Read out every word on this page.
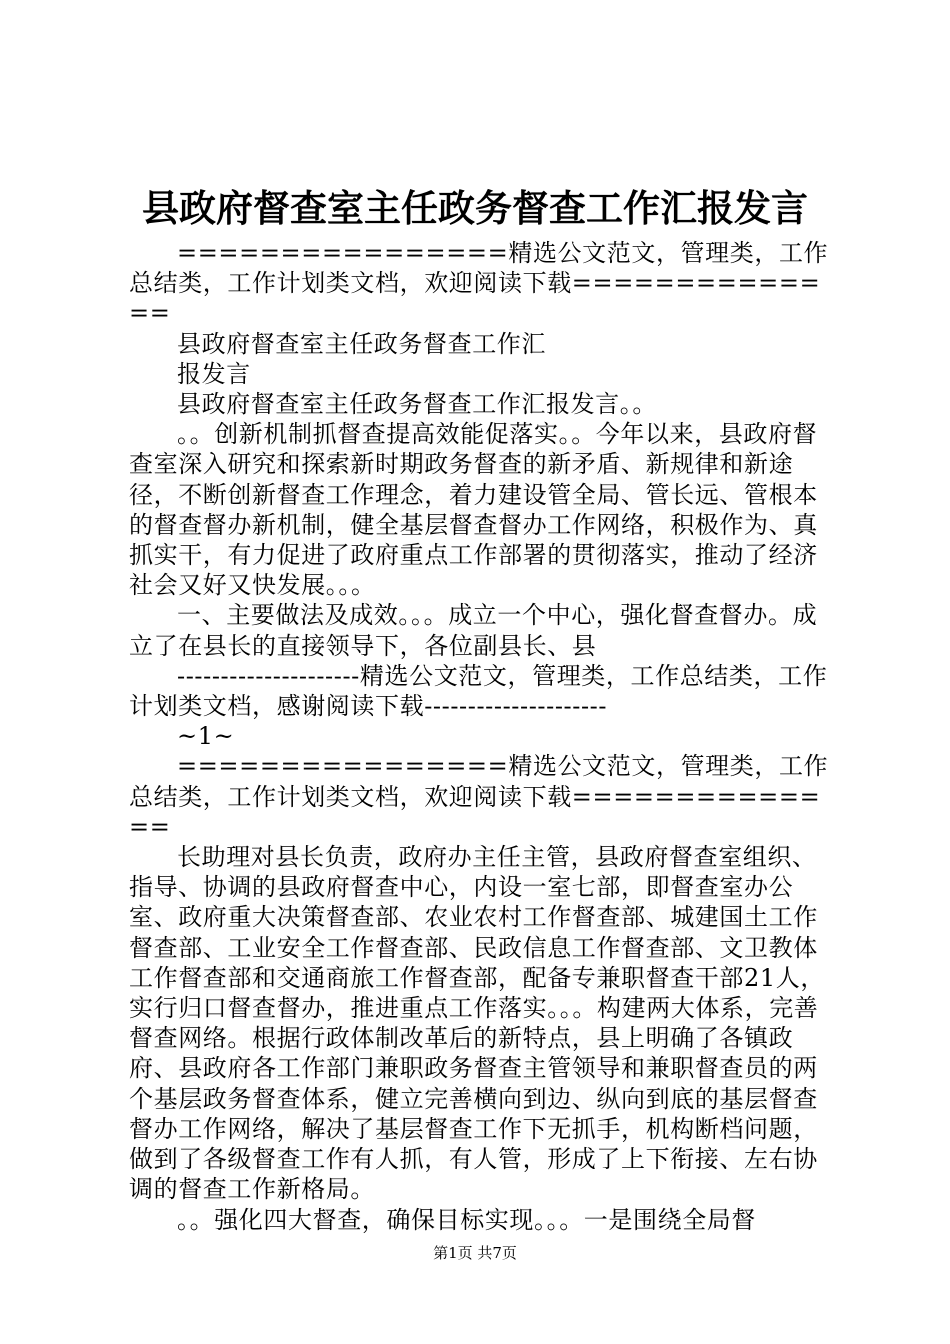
县政府督查室主任政务督查工作汇报发言

================精选公文范文，管理类，工作总结类，工作计划类文档，欢迎阅读下载==============

县政府督查室主任政务督查工作汇

报发言

县政府督查室主任政务督查工作汇报发言。。

。。创新机制抓督查提高效能促落实。。今年以来，县政府督查室深入研究和探索新时期政务督查的新矛盾、新规律和新途径，不断创新督查工作理念，着力建设管全局、管长远、管根本的督查督办新机制，健全基层督查督办工作网络，积极作为、真抓实干，有力促进了政府重点工作部署的贯彻落实，推动了经济社会又好又快发展。。。

一、主要做法及成效。。。成立一个中心，强化督查督办。成立了在县长的直接领导下，各位副县长、县

---------------------精选公文范文，管理类，工作总结类，工作计划类文档，感谢阅读下载---------------------

~1~

================精选公文范文，管理类，工作总结类，工作计划类文档，欢迎阅读下载==============

长助理对县长负责，政府办主任主管，县政府督查室组织、指导、协调的县政府督查中心，内设一室七部，即督查室办公室、政府重大决策督查部、农业农村工作督查部、城建国土工作督查部、工业安全工作督查部、民政信息工作督查部、文卫教体工作督查部和交通商旅工作督查部，配备专兼职督查干部21人，实行归口督查督办，推进重点工作落实。。。构建两大体系，完善督查网络。根据行政体制改革后的新特点，县上明确了各镇政府、县政府各工作部门兼职政务督查主管领导和兼职督查员的两个基层政务督查体系，健立完善横向到边、纵向到底的基层督查督办工作网络，解决了基层督查工作下无抓手，机构断档问题，做到了各级督查工作有人抓，有人管，形成了上下衔接、左右协调的督查工作新格局。

。。强化四大督查，确保目标实现。。。一是围绕全局督

第1页 共7页
